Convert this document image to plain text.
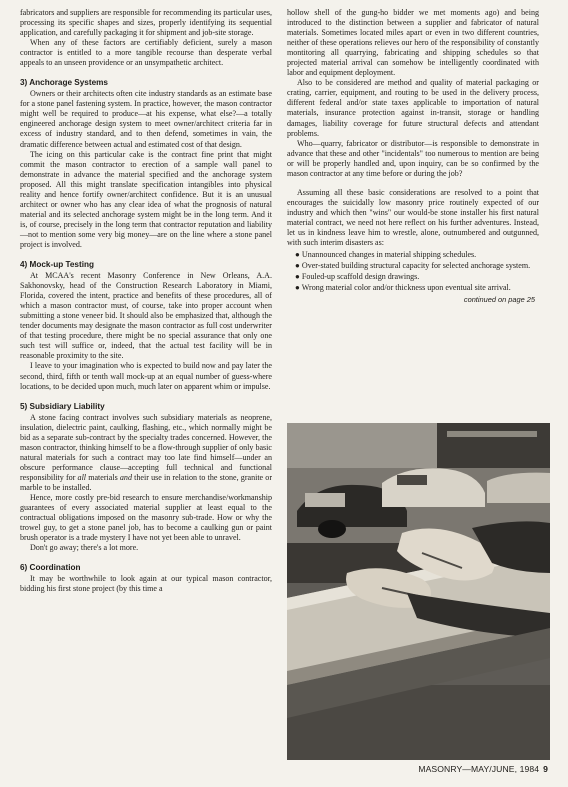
fabricators and suppliers are responsible for recommending its particular uses, processing its specific shapes and sizes, properly identifying its sequential application, and carefully packaging it for shipment and job-site storage.

When any of these factors are certifiably deficient, surely a mason contractor is entitled to a more tangible recourse than desperate verbal appeals to an unseen providence or an unsympathetic architect.

3) Anchorage Systems

Owners or their architects often cite industry standards as an estimate base for a stone panel fastening system. In practice, however, the mason contractor might well be required to produce—at his expense, what else?—a totally engineered anchorage design system to meet owner/architect criteria far in excess of industry standard, and to then defend, sometimes in vain, the dramatic difference between actual and estimated cost of that design.

The icing on this particular cake is the contract fine print that might commit the mason contractor to erection of a sample wall panel to demonstrate in advance the material specified and the anchorage system proposed. All this might translate specification intangibles into physical reality and hence fortify owner/architect confidence. But it is an unusual architect or owner who has any clear idea of what the prognosis of natural material and its selected anchorage system might be in the long term. And it is, of course, precisely in the long term that contractor reputation and liability—not to mention some very big money—are on the line where a stone panel project is involved.

4) Mock-up Testing

At MCAA's recent Masonry Conference in New Orleans, A.A. Sakhonovsky, head of the Construction Research Laboratory in Miami, Florida, covered the intent, practice and benefits of these procedures, all of which a mason contractor must, of course, take into proper account when submitting a stone veneer bid. It should also be emphasized that, although the tender documents may designate the mason contractor as full cost underwriter of that testing procedure, there might be no special assurance that only one such test will suffice or, indeed, that the actual test facility will be in reasonable proximity to the site.

I leave to your imagination who is expected to build now and pay later the second, third, fifth or tenth wall mock-up at an equal number of guess-where locations, to be decided upon much, much later on apparent whim or impulse.

5) Subsidiary Liability

A stone facing contract involves such subsidiary materials as neoprene, insulation, dielectric paint, caulking, flashing, etc., which normally might be bid as a separate sub-contract by the specialty trades concerned. However, the mason contractor, thinking himself to be a flow-through supplier of only basic natural materials for such a contract may too late find himself—under an obscure performance clause—accepting full technical and functional responsibility for all materials and their use in relation to the stone, granite or marble to be installed.

Hence, more costly pre-bid research to ensure merchandise/workmanship guarantees of every associated material supplier at least equal to the contractual obligations imposed on the masonry sub-trade. How or why the trowel guy, to get a stone panel job, has to become a caulking gun or paint brush operator is a trade mystery I have not yet been able to unravel.

Don't go away; there's a lot more.

6) Coordination

It may be worthwhile to look again at our typical mason contractor, bidding his first stone project (by this time a

hollow shell of the gung-ho bidder we met moments ago) and being introduced to the distinction between a supplier and fabricator of natural materials. Sometimes located miles apart or even in two different countries, neither of these operations relieves our hero of the responsibility of constantly montitoring all quarrying, fabricating and shipping schedules so that projected material arrival can somehow be intelligently coordinated with labor and equipment deployment.

Also to be considered are method and quality of material packaging or crating, carrier, equipment, and routing to be used in the delivery process, different federal and/or state taxes applicable to importation of natural materials, insurance protection against in-transit, storage or handling damages, liability coverage for future structural defects and attendant problems.

Who—quarry, fabricator or distributor—is responsible to demonstrate in advance that these and other "incidentals" too numerous to mention are being or will be properly handled and, upon inquiry, can be so confirmed by the mason contractor at any time before or during the job?

Assuming all these basic considerations are resolved to a point that encourages the suicidally low masonry price routinely expected of our industry and which then "wins" our would-be stone installer his first natural material contract, we need not here reflect on his further adventures. Instead, let us in kindness leave him to wrestle, alone, outnumbered and outgunned, with such interim disasters as:

● Unannounced changes in material shipping schedules.
● Over-stated building structural capacity for selected anchorage system.
● Fouled-up scaffold design drawings.
● Wrong material color and/or thickness upon eventual site arrival.
continued on page 25
MASONRY—MAY/JUNE, 1984 9
